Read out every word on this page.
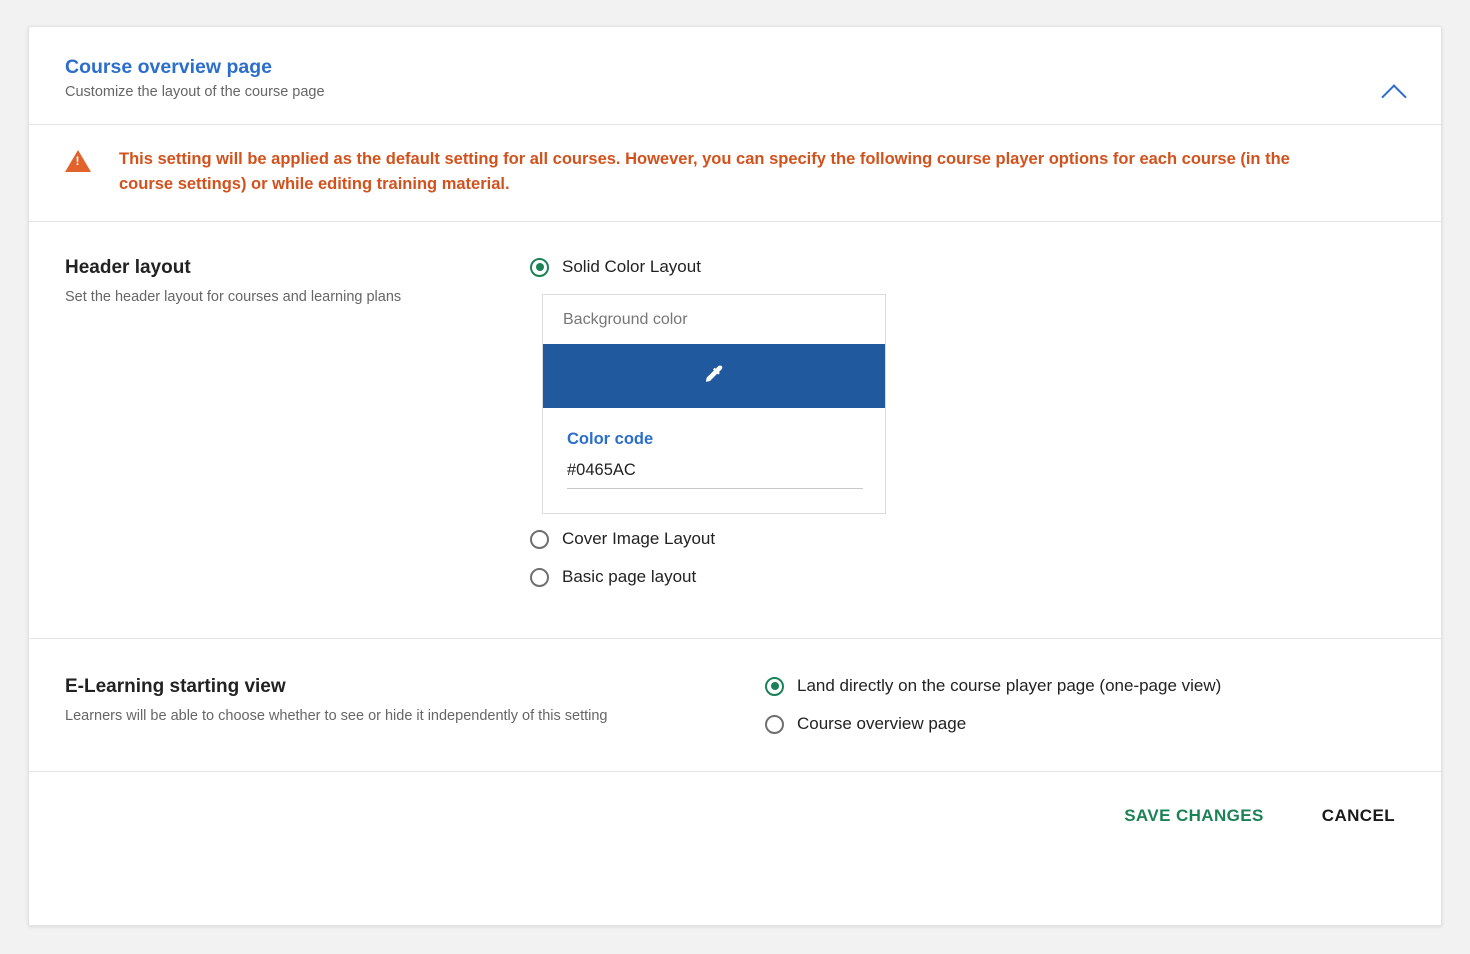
Course overview page
Customize the layout of the course page
!
This setting will be applied as the default setting for all courses. However, you can specify the following course player options for each course (in the course settings) or while editing training material.
Header layout
Set the header layout for courses and learning plans
Solid Color Layout
Background color
Color code
#0465AC
Cover Image Layout
Basic page layout
E-Learning starting view
Learners will be able to choose whether to see or hide it independently of this setting
Land directly on the course player page (one-page view)
Course overview page
SAVE CHANGES	CANCEL
